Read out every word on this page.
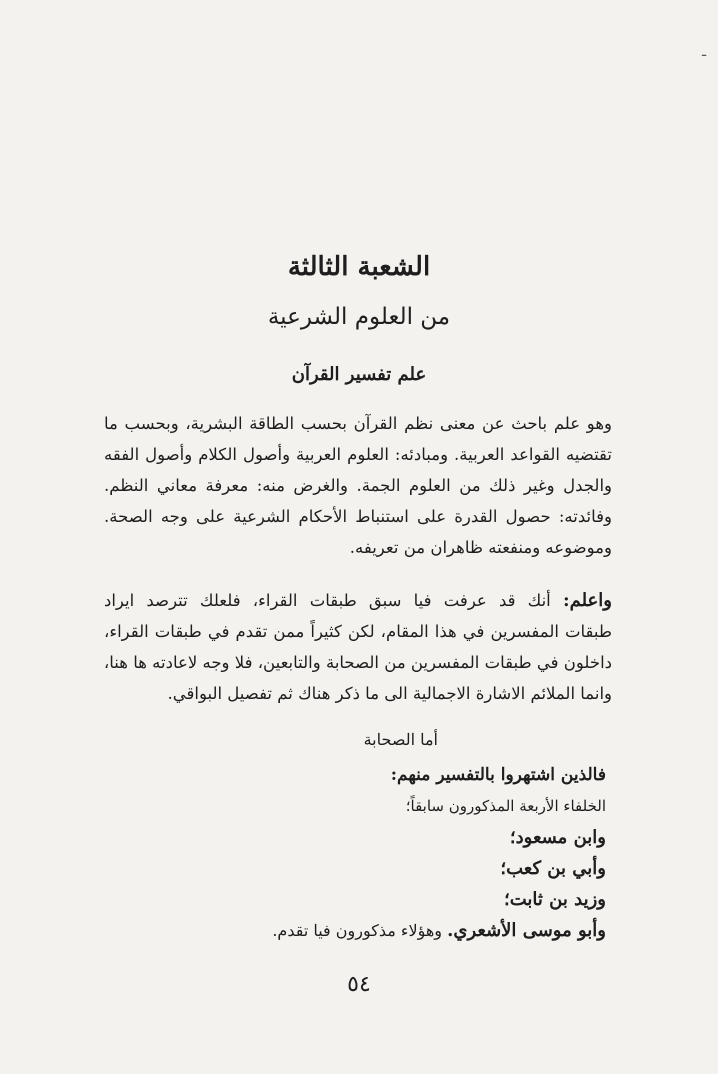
ـ
الشعبة الثالثة
من العلوم الشرعية
علم تفسير القرآن
وهو علم باحث عن معنى نظم القرآن بحسب الطاقة البشرية، وبحسب ما
تقتضيه القواعد العربية. ومبادئه: العلوم العربية وأصول الكلام وأصول الفقه
والجدل وغير ذلك من العلوم الجمة. والغرض منه: معرفة معاني النظم.
وفائدته: حصول القدرة على استنباط الأحكام الشرعية على وجه الصحة.
وموضوعه ومنفعته ظاهران من تعريفه.
واعلم: أنك قد عرفت فيا سبق طبقات القراء، فلعلك تترصد ايراد
طبقات المفسرين في هذا المقام، لكن كثيراً ممن تقدم في طبقات القراء،
داخلون في طبقات المفسرين من الصحابة والتابعين، فلا وجه لاعادته ها هنا،
وانما الملائم الاشارة الاجمالية الى ما ذكر هناك ثم تفصيل البواقي.
أما الصحابة
فالذين اشتهروا بالتفسير منهم:
الخلفاء الأربعة المذكورون سابقاً؛
وابن مسعود؛
وأبي بن كعب؛
وزيد بن ثابت؛
وأبو موسى الأشعري. وهؤلاء مذكورون فيا تقدم.
٥٤
